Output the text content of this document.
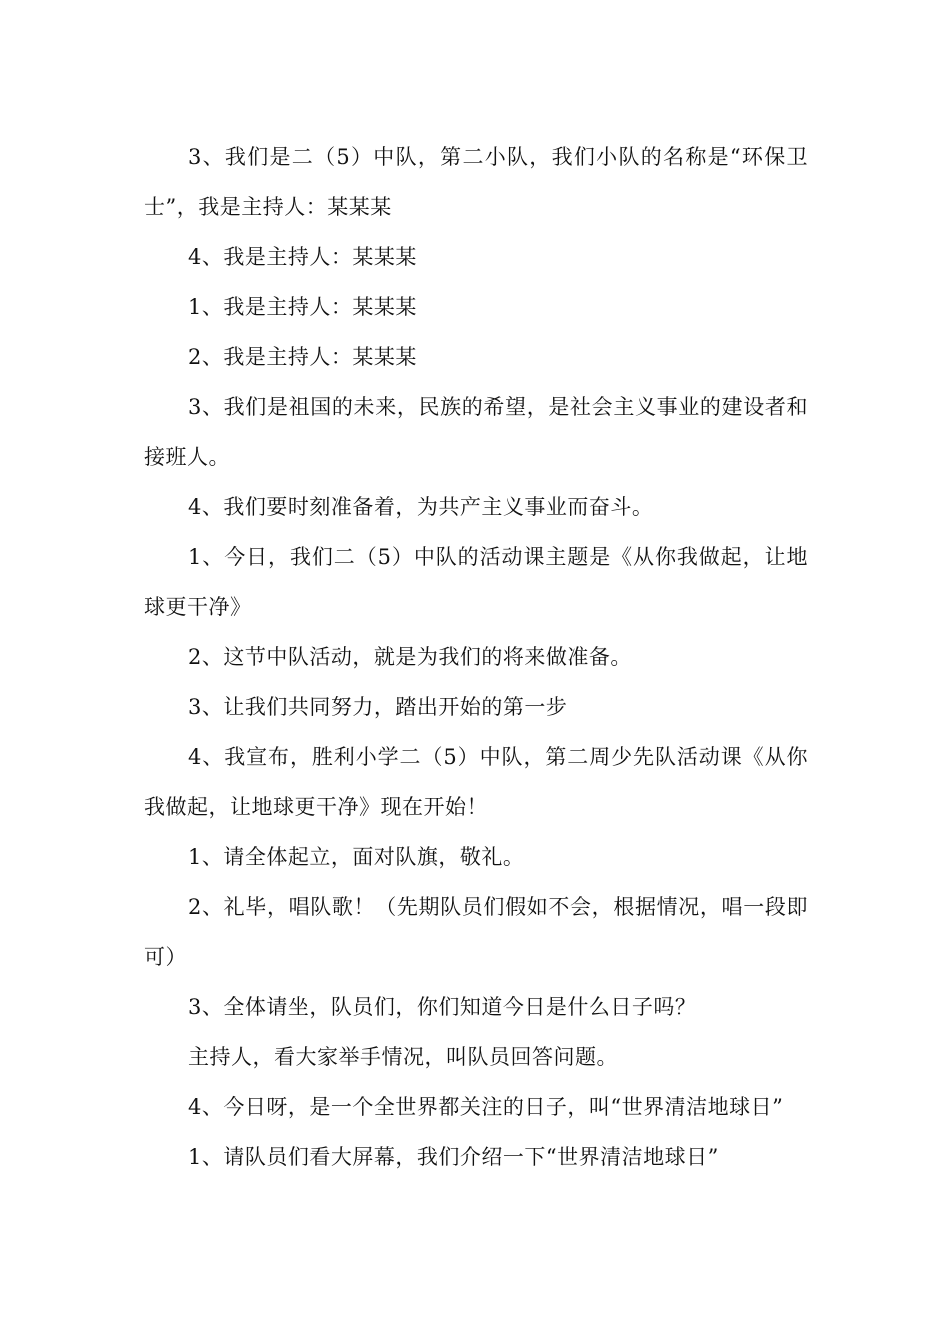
3、我们是二（5）中队，第二小队，我们小队的名称是“环保卫士”，我是主持人：某某某

4、我是主持人：某某某

1、我是主持人：某某某

2、我是主持人：某某某

3、我们是祖国的未来，民族的希望，是社会主义事业的建设者和接班人。

4、我们要时刻准备着，为共产主义事业而奋斗。

1、今日，我们二（5）中队的活动课主题是《从你我做起，让地球更干净》

2、这节中队活动，就是为我们的将来做准备。

3、让我们共同努力，踏出开始的第一步

4、我宣布，胜利小学二（5）中队，第二周少先队活动课《从你我做起，让地球更干净》现在开始！

1、请全体起立，面对队旗，敬礼。

2、礼毕，唱队歌！（先期队员们假如不会，根据情况，唱一段即可）

3、全体请坐，队员们，你们知道今日是什么日子吗？

主持人，看大家举手情况，叫队员回答问题。

4、今日呀，是一个全世界都关注的日子，叫“世界清洁地球日”

1、请队员们看大屏幕，我们介绍一下“世界清洁地球日”
